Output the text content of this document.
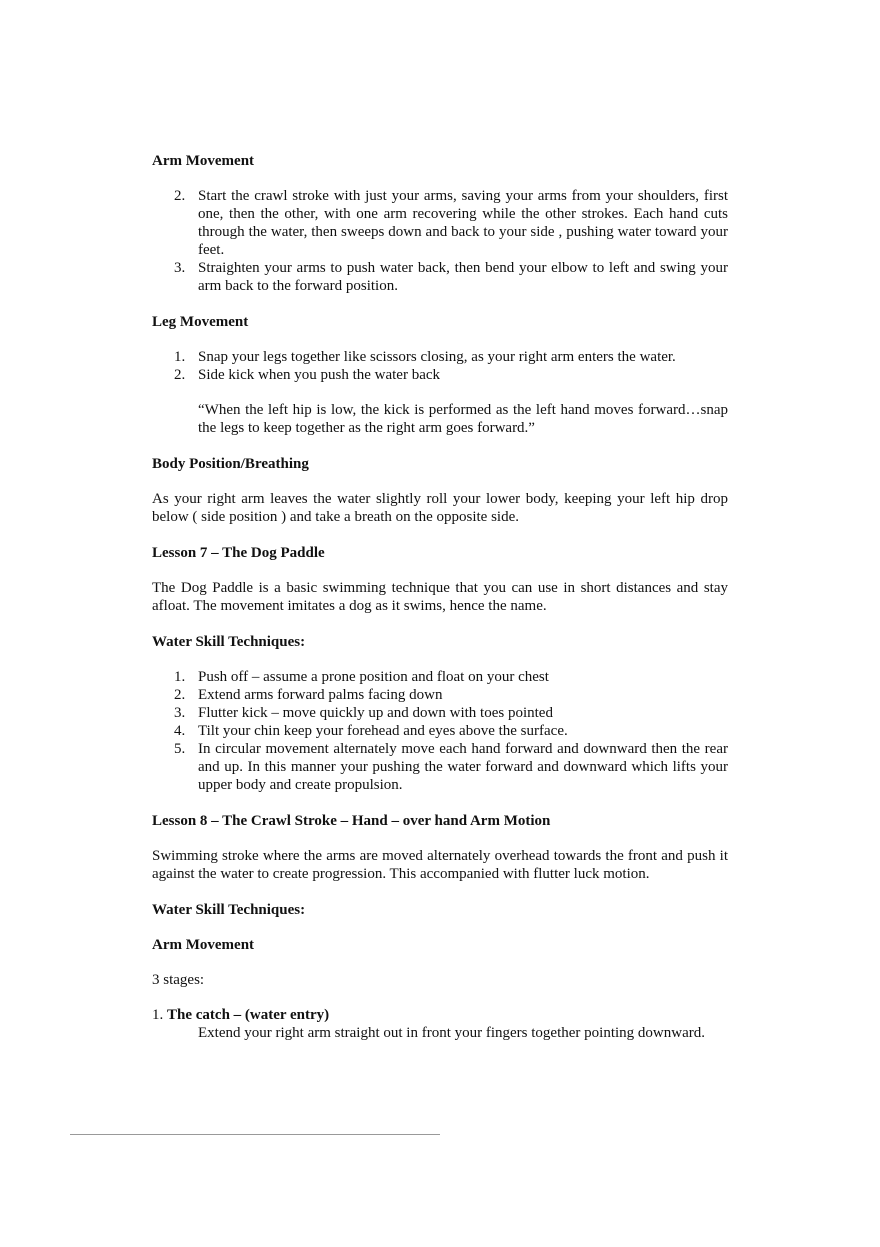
Arm Movement
2. Start the crawl stroke with just your arms, saving your arms from your shoulders, first one, then the other, with one arm recovering while the other strokes. Each hand cuts through the water, then sweeps down and back to your side , pushing water toward your feet.
3. Straighten your arms to push water back, then bend your elbow to left and swing your arm back to the forward position.
Leg Movement
1. Snap your legs together like scissors closing, as your right arm enters the water.
2. Side kick when you push the water back
“When the left hip is low, the kick is performed as the left hand moves forward…snap the legs to keep together as the right arm goes forward.”
Body Position/Breathing

As your right arm leaves the water slightly roll your lower body, keeping your left hip drop below ( side position ) and take a breath on the opposite side.

Lesson 7 – The Dog Paddle

The Dog Paddle is a basic swimming technique that you can use in short distances and stay afloat. The movement imitates a dog as it swims, hence the name.

Water Skill Techniques:
1. Push off – assume a prone position and float on your chest
2. Extend arms forward palms facing down
3. Flutter kick – move quickly up and down with toes pointed
4. Tilt your chin keep your forehead and eyes above the surface.
5. In circular movement alternately move each hand forward and downward then the rear and up. In this manner your pushing the water forward and downward which lifts your upper body and create propulsion.
Lesson 8 – The Crawl Stroke – Hand – over hand Arm Motion

Swimming stroke where the arms are moved alternately overhead towards the front and push it against the water to create progression. This accompanied with flutter luck motion.

Water Skill Techniques:
Arm Movement

3 stages:

1. The catch – (water entry)
Extend your right arm straight out in front your fingers together pointing downward.
